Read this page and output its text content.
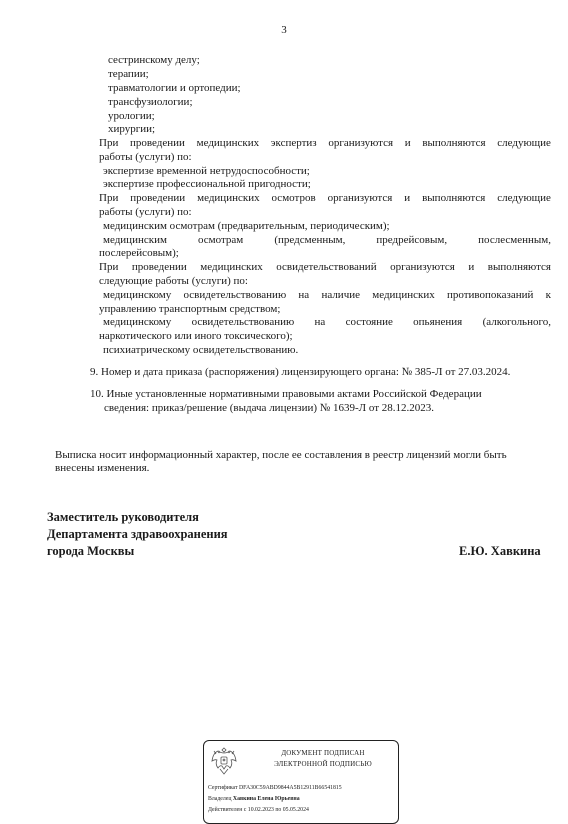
3
сестринскому делу;
терапии;
травматологии и ортопедии;
трансфузиологии;
урологии;
хирургии;
При проведении медицинских экспертиз организуются и выполняются следующие
работы (услуги) по:
экспертизе временной нетрудоспособности;
экспертизе профессиональной пригодности;
При проведении медицинских осмотров организуются и выполняются следующие
работы (услуги) по:
медицинским осмотрам (предварительным, периодическим);
медицинским	осмотрам	(предсменным,	предрейсовым,	послесменным,
послерейсовым);
При проведении медицинских освидетельствований организуются и выполняются
следующие работы (услуги) по:
медицинскому освидетельствованию на наличие медицинских противопоказаний к
управлению транспортным средством;
медицинскому освидетельствованию на состояние опьянения (алкогольного,
наркотического или иного токсического);
психиатрическому освидетельствованию.
9. Номер и дата приказа (распоряжения) лицензирующего органа: № 385-Л от 27.03.2024.
10. Иные установленные нормативными правовыми актами Российской Федерации
сведения: приказ/решение (выдача лицензии) № 1639-Л от 28.12.2023.
Выписка носит информационный характер, после ее составления в реестр лицензий могли быть
внесены изменения.
Заместитель руководителя
Департамента здравоохранения
города Москвы	Е.Ю. Хавкина
ДОКУМЕНТ ПОДПИСАН
ЭЛЕКТРОННОЙ ПОДПИСЬЮ
Сертификат DFA30C59ABD9844A5B12911B66541815
Владелец Хавкина Елена Юрьевна
Действителен с 10.02.2023 по 05.05.2024
